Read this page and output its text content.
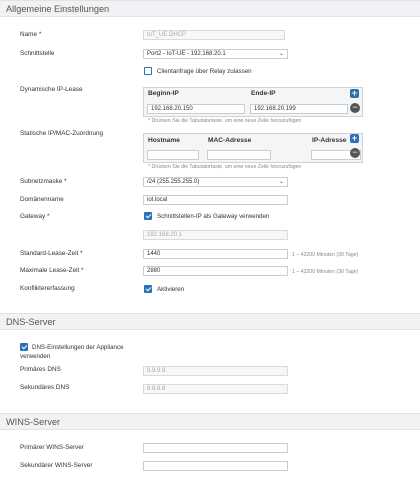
Allgemeine Einstellungen
Name *	IoT_UE DHCP
Schnittstelle	Port2 - IoT-UE - 192.168.20.1	⌄
Clientanfrage über Relay zulassen
Dynamische IP-Lease
Beginn-IP	Ende-IP
192.168.20.150	192.168.20.199
+
−
* Drücken Sie die Tabulatortaste, um eine neue Zeile hinzuzufügen
Statische IP/MAC-Zuordnung
Hostname	MAC-Adresse	IP-Adresse +
−
* Drücken Sie die Tabulatortaste, um eine neue Zeile hinzuzufügen
Subnetzmaske *	/24 (255.255.255.0)	⌄
Domänenname	iot.local
Gateway *	Schnittstellen-IP als Gateway verwenden
192.168.20.1
Standard-Lease-Zeit *	1440	1 – 43200 Minuten (30 Tage)
Maximale Lease-Zeit *	2880	1 – 43200 Minuten (30 Tage)
Konfliktererfassung	Aktivieren
DNS-Server
DNS-Einstellungen der Appliance
verwenden
Primäres DNS	9.9.9.9
Sekundäres DNS	8.8.8.8
WINS-Server
Primärer WINS-Server
Sekundärer WINS-Server
